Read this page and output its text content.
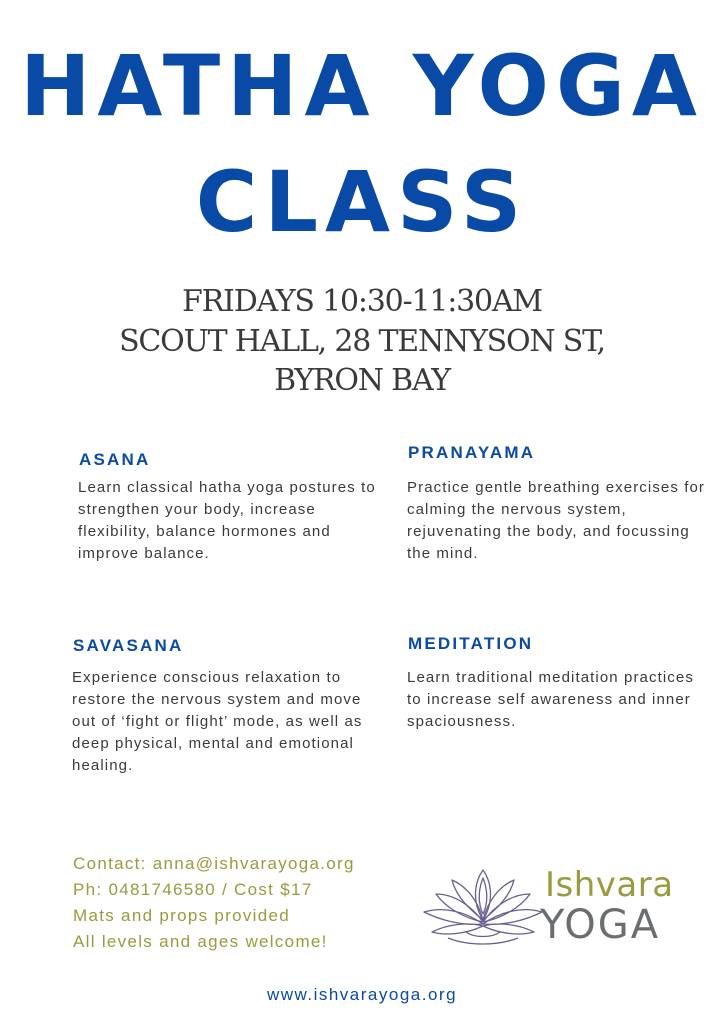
HATHA YOGA
CLASS
FRIDAYS 10:30-11:30AM
SCOUT HALL, 28 TENNYSON ST,
BYRON BAY
ASANA

Learn classical hatha yoga postures to strengthen your body, increase flexibility, balance hormones and improve balance.

PRANAYAMA

Practice gentle breathing exercises for calming the nervous system, rejuvenating the body, and focussing the mind.

SAVASANA

Experience conscious relaxation to restore the nervous system and move out of ‘fight or flight’ mode, as well as deep physical, mental and emotional healing.

MEDITATION

Learn traditional meditation practices to increase self awareness and inner spaciousness.

Contact: anna@ishvarayoga.org
Ph: 0481746580 / Cost $17
Mats and props provided
All levels and ages welcome!
Ishvara
YOGA
www.ishvarayoga.org
